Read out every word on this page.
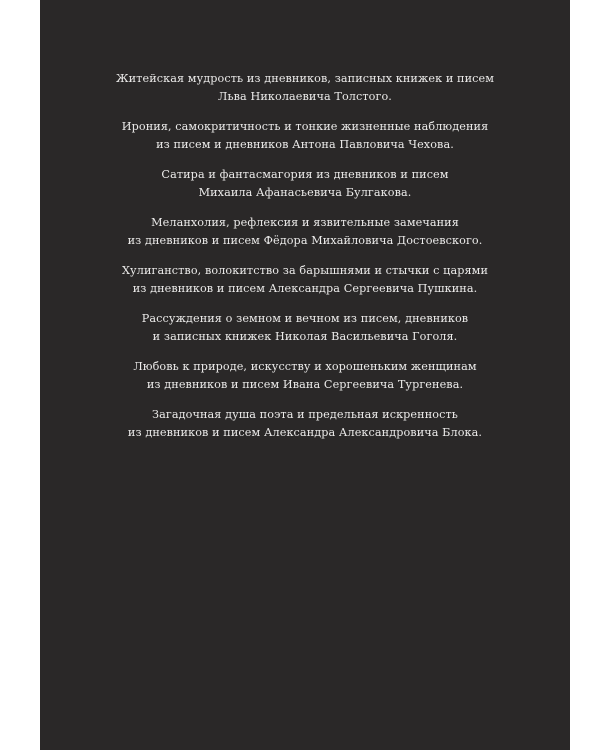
Житейская мудрость из дневников, записных книжек и писем
Льва Николаевича Толстого.
Ирония, самокритичность и тонкие жизненные наблюдения
из писем и дневников Антона Павловича Чехова.
Сатира и фантасмагория из дневников и писем
Михаила Афанасьевича Булгакова.
Меланхолия, рефлексия и язвительные замечания
из дневников и писем Фёдора Михайловича Достоевского.
Хулиганство, волокитство за барышнями и стычки с царями
из дневников и писем Александра Сергеевича Пушкина.
Рассуждения о земном и вечном из писем, дневников
и записных книжек Николая Васильевича Гоголя.
Любовь к природе, искусству и хорошеньким женщинам
из дневников и писем Ивана Сергеевича Тургенева.
Загадочная душа поэта и предельная искренность
из дневников и писем Александра Александровича Блока.
